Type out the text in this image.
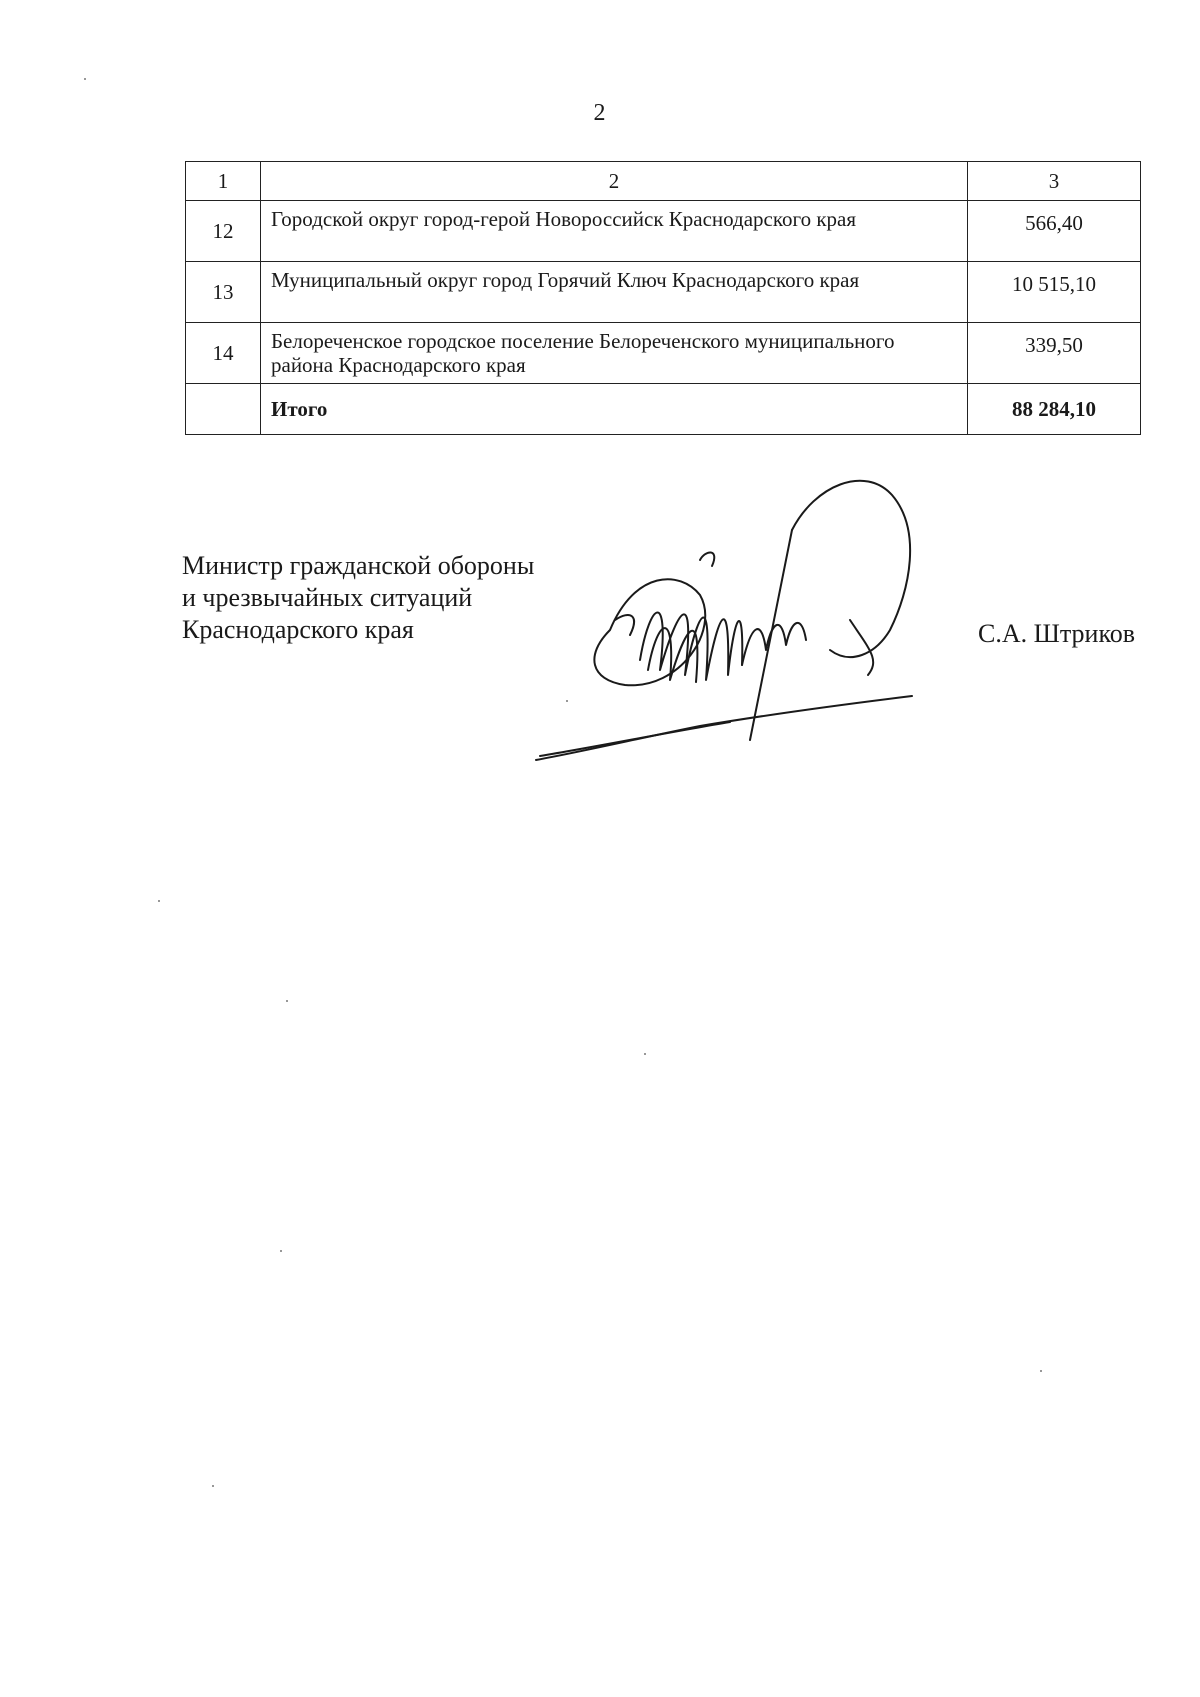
2
1	2	3
12	Городской округ город-герой Новороссийск Краснодарского края	566,40
13	Муниципальный округ город Горячий Ключ Краснодарского края	10 515,10
14	Белореченское городское поселение Белореченского муниципального района Краснодарского края	339,50
	Итого	88 284,10
Министр гражданской обороны
и чрезвычайных ситуаций
Краснодарского края	С.А. Штриков
